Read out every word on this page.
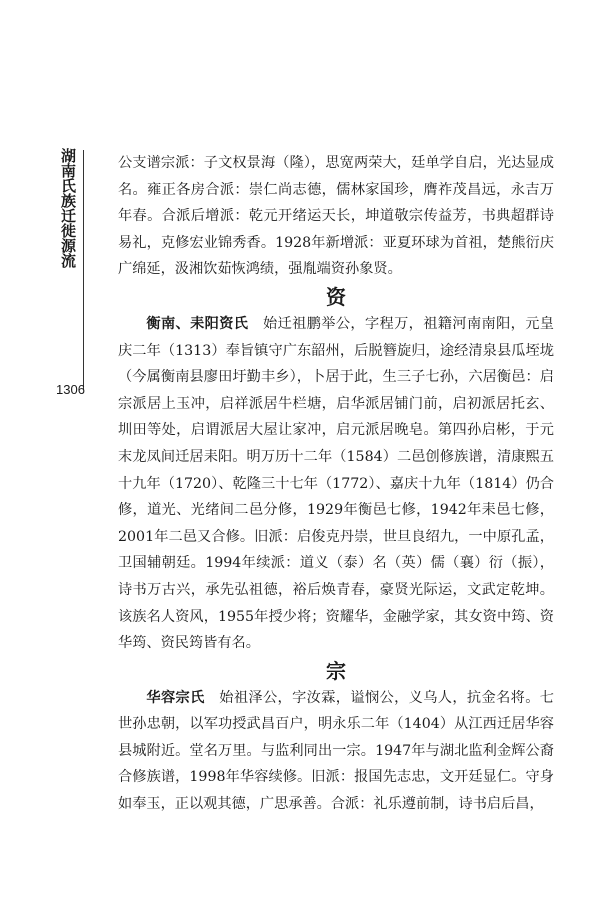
湖南氏族迁徙源流
1306

公支谱宗派：子文权景海（隆），思宽两荣大，廷单学自启，光达显成名。雍正各房合派：崇仁尚志德，儒林家国珍，膺祚茂昌远，永吉万年春。合派后增派：乾元开绪运天长，坤道敬宗传益芳，书典超群诗易礼，克修宏业锦秀香。1928年新增派：亚夏环球为首祖，楚熊衍庆广绵延，汲湘饮茹恢鸿绩，强胤端资孙象贤。

资

衡南、耒阳资氏　 始迁祖鹏举公，字程万，祖籍河南南阳，元皇庆二年（1313）奉旨镇守广东韶州，后脱簪旋归，途经清泉县瓜垤垅（今属衡南县廖田圩勤丰乡），卜居于此，生三子七孙，六居衡邑：启宗派居上玉冲，启祥派居牛栏塘，启华派居铺门前，启初派居托玄、圳田等处，启谓派居大屋让家冲，启元派居晚皂。第四孙启彬，于元末龙凤间迁居耒阳。明万历十二年（1584）二邑创修族谱，清康熙五十九年（1720）、乾隆三十七年（1772）、嘉庆十九年（1814）仍合修，道光、光绪间二邑分修，1929年衡邑七修，1942年耒邑七修，2001年二邑又合修。旧派：启俊克丹崇，世旦良绍九，一中原孔孟，卫国辅朝廷。1994年续派：道义（泰）名（英）儒（襄）衍（振），诗书万古兴，承先弘祖德，裕后焕青春，豪贤光际运，文武定乾坤。该族名人资风，1955年授少将；资耀华，金融学家，其女资中筠、资华筠、资民筠皆有名。

宗

华容宗氏　 始祖泽公，字汝霖，谥悯公，义乌人，抗金名将。七世孙忠朝，以军功授武昌百户，明永乐二年（1404）从江西迁居华容县城附近。堂名万里。与监利同出一宗。1947年与湖北监利金辉公裔合修族谱，1998年华容续修。旧派：报国先志忠，文开廷显仁。守身如奉玉，正以观其德，广思承善。合派：礼乐遵前制，诗书启后昌，
